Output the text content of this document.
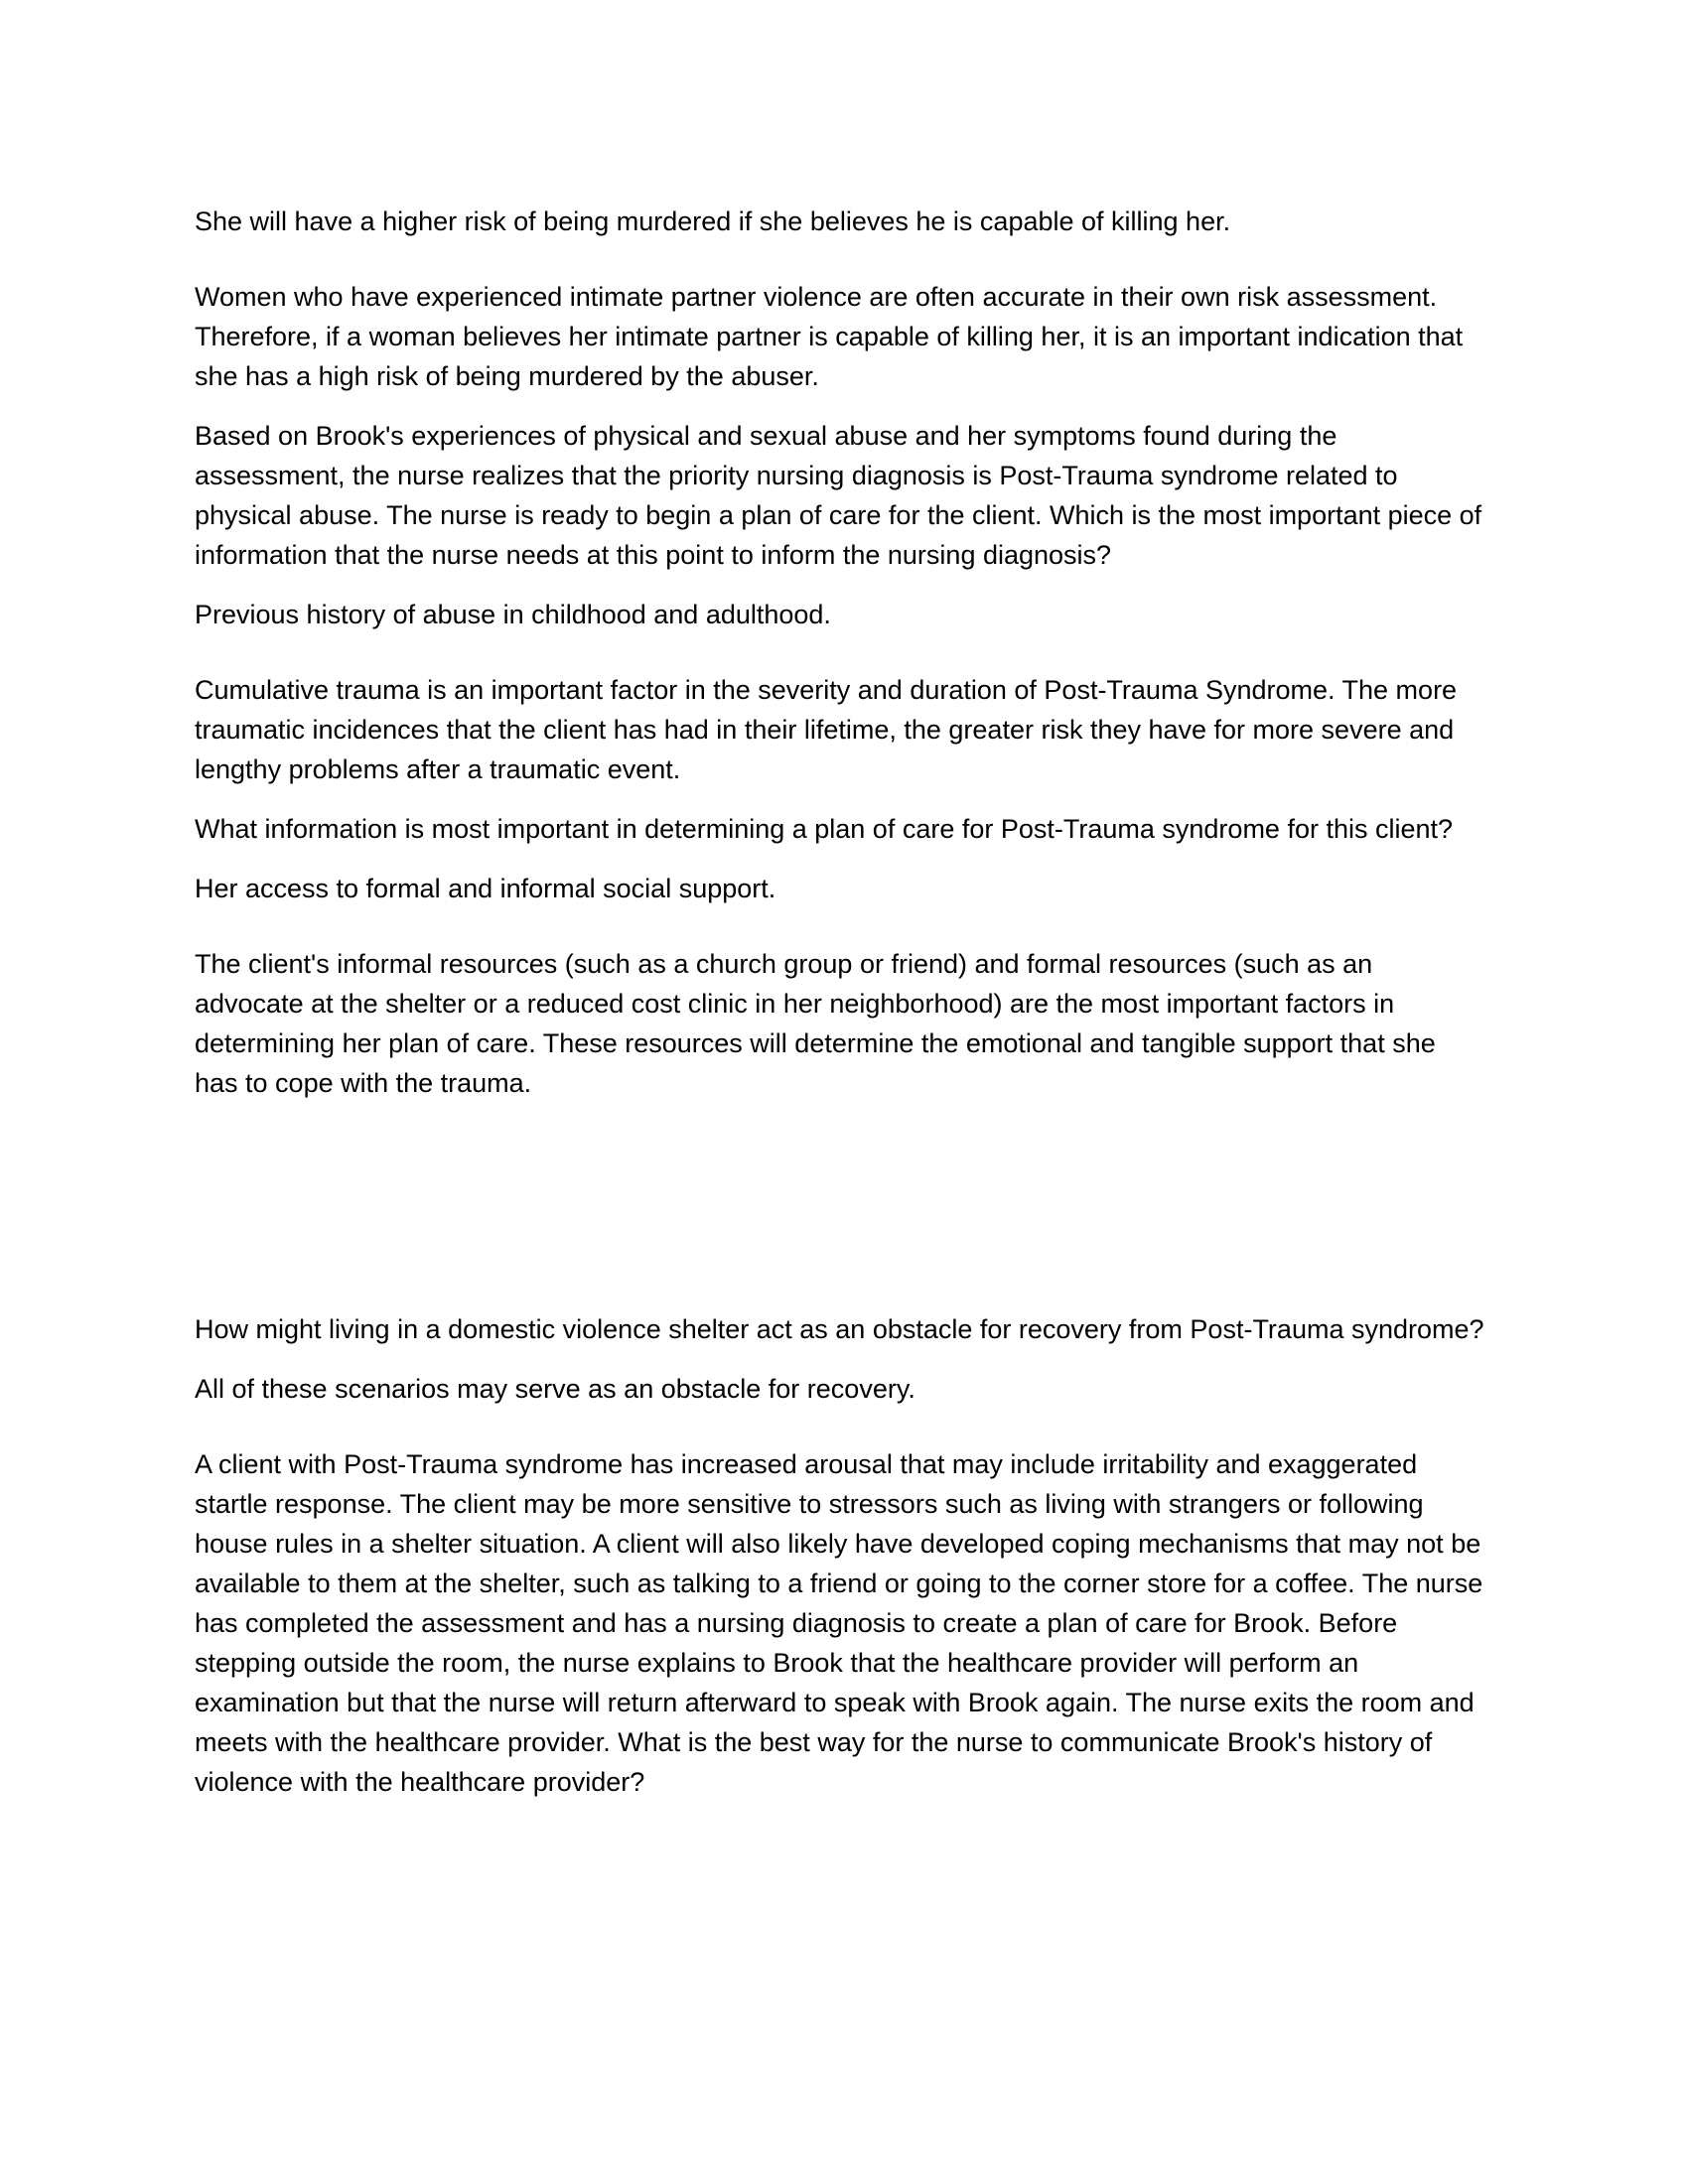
She will have a higher risk of being murdered if she believes he is capable of killing her.

Women who have experienced intimate partner violence are often accurate in their own risk assessment. Therefore, if a woman believes her intimate partner is capable of killing her, it is an important indication that she has a high risk of being murdered by the abuser.

Based on Brook's experiences of physical and sexual abuse and her symptoms found during the assessment, the nurse realizes that the priority nursing diagnosis is Post-Trauma syndrome related to physical abuse. The nurse is ready to begin a plan of care for the client. Which is the most important piece of information that the nurse needs at this point to inform the nursing diagnosis?

Previous history of abuse in childhood and adulthood.

Cumulative trauma is an important factor in the severity and duration of Post-Trauma Syndrome. The more traumatic incidences that the client has had in their lifetime, the greater risk they have for more severe and lengthy problems after a traumatic event.

What information is most important in determining a plan of care for Post-Trauma syndrome for this client?

Her access to formal and informal social support.

The client's informal resources (such as a church group or friend) and formal resources (such as an advocate at the shelter or a reduced cost clinic in her neighborhood) are the most important factors in determining her plan of care. These resources will determine the emotional and tangible support that she has to cope with the trauma.

How might living in a domestic violence shelter act as an obstacle for recovery from Post-Trauma syndrome?

All of these scenarios may serve as an obstacle for recovery.

A client with Post-Trauma syndrome has increased arousal that may include irritability and exaggerated startle response. The client may be more sensitive to stressors such as living with strangers or following house rules in a shelter situation. A client will also likely have developed coping mechanisms that may not be available to them at the shelter, such as talking to a friend or going to the corner store for a coffee. The nurse has completed the assessment and has a nursing diagnosis to create a plan of care for Brook. Before stepping outside the room, the nurse explains to Brook that the healthcare provider will perform an examination but that the nurse will return afterward to speak with Brook again. The nurse exits the room and meets with the healthcare provider. What is the best way for the nurse to communicate Brook's history of violence with the healthcare provider?
